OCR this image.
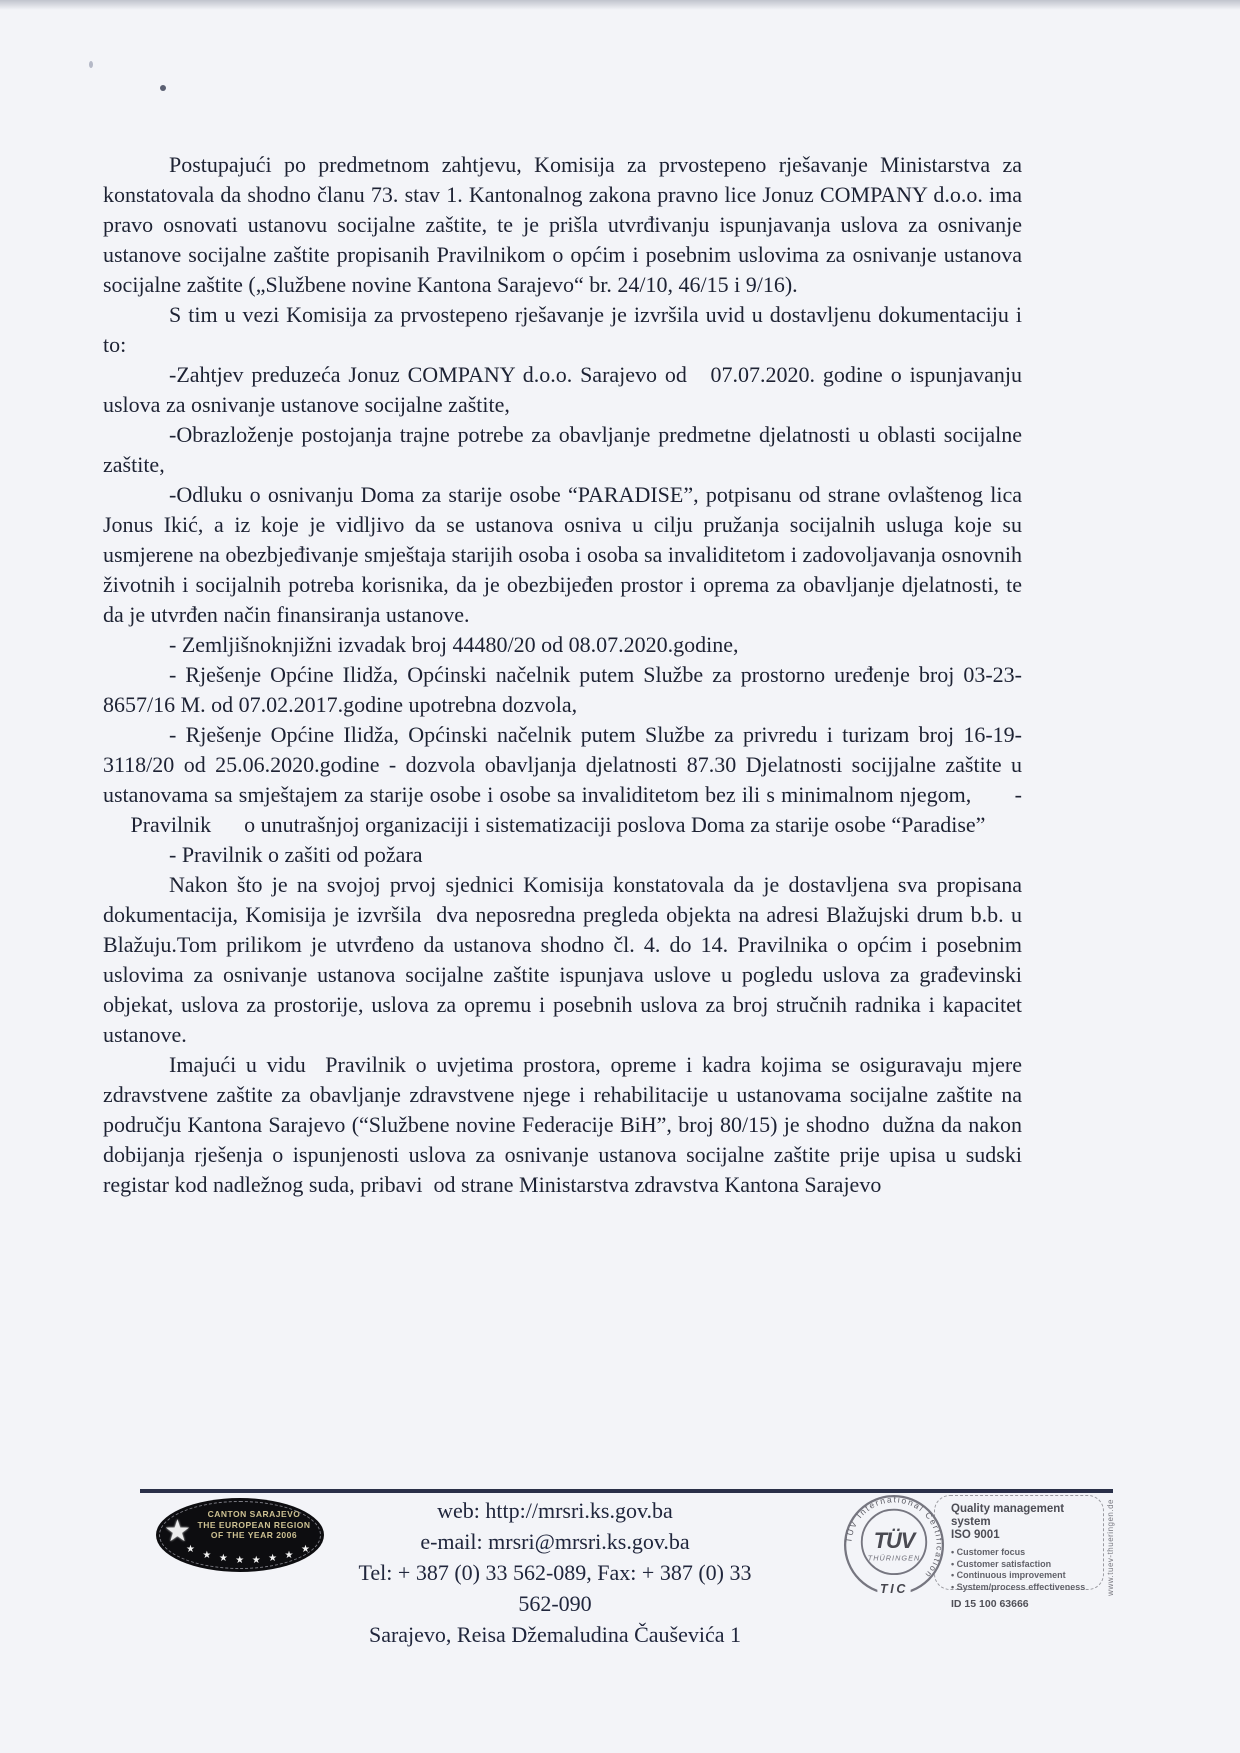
Postupajući po predmetnom zahtjevu, Komisija za prvostepeno rješavanje Ministarstva za konstatovala da shodno članu 73. stav 1. Kantonalnog zakona pravno lice Jonuz COMPANY d.o.o. ima pravo osnovati ustanovu socijalne zaštite, te je prišla utvrđivanju ispunjavanja uslova za osnivanje ustanove socijalne zaštite propisanih Pravilnikom o općim i posebnim uslovima za osnivanje ustanova socijalne zaštite („Službene novine Kantona Sarajevo“ br. 24/10, 46/15 i 9/16).

S tim u vezi Komisija za prvostepeno rješavanje je izvršila uvid u dostavljenu dokumentaciju i to:

-Zahtjev preduzeća Jonuz COMPANY d.o.o. Sarajevo od   07.07.2020. godine o ispunjavanju uslova za osnivanje ustanove socijalne zaštite,

-Obrazloženje postojanja trajne potrebe za obavljanje predmetne djelatnosti u oblasti socijalne zaštite,

-Odluku o osnivanju Doma za starije osobe “PARADISE”, potpisanu od strane ovlaštenog lica Jonus Ikić, a iz koje je vidljivo da se ustanova osniva u cilju pružanja socijalnih usluga koje su usmjerene na obezbjeđivanje smještaja starijih osoba i osoba sa invaliditetom i zadovoljavanja osnovnih životnih i socijalnih potreba korisnika, da je obezbijeđen prostor i oprema za obavljanje djelatnosti, te da je utvrđen način finansiranja ustanove.

- Zemljišnoknjižni izvadak broj 44480/20 od 08.07.2020.godine,

- Rješenje Općine Ilidža, Općinski načelnik putem Službe za prostorno uređenje broj 03-23-8657/16 M. od 07.02.2017.godine upotrebna dozvola,

- Rješenje Općine Ilidža, Općinski načelnik putem Službe za privredu i turizam broj 16-19-3118/20 od 25.06.2020.godine - dozvola obavljanja djelatnosti 87.30 Djelatnosti socijjalne zaštite u ustanovama sa smještajem za starije osobe i osobe sa invaliditetom bez ili s minimalnom njegom,       -      Pravilnik      o unutrašnjoj organizaciji i sistematizaciji poslova Doma za starije osobe “Paradise”

- Pravilnik o zašiti od požara

Nakon što je na svojoj prvoj sjednici Komisija konstatovala da je dostavljena sva propisana dokumentacija, Komisija je izvršila  dva neposredna pregleda objekta na adresi Blažujski drum b.b. u Blažuju.Tom prilikom je utvrđeno da ustanova shodno čl. 4. do 14. Pravilnika o općim i posebnim uslovima za osnivanje ustanova socijalne zaštite ispunjava uslove u pogledu uslova za građevinski objekat, uslova za prostorije, uslova za opremu i posebnih uslova za broj stručnih radnika i kapacitet ustanove.

Imajući u vidu  Pravilnik o uvjetima prostora, opreme i kadra kojima se osiguravaju mjere zdravstvene zaštite za obavljanje zdravstvene njege i rehabilitacije u ustanovama socijalne zaštite na području Kantona Sarajevo (“Službene novine Federacije BiH”, broj 80/15) je shodno  dužna da nakon dobijanja rješenja o ispunjenosti uslova za osnivanje ustanova socijalne zaštite prije upisa u sudski registar kod nadležnog suda, pribavi  od strane Ministarstva zdravstva Kantona Sarajevo

★	CANTON SARAJEVO
THE EUROPEAN REGION
OF THE YEAR 2006
★
★ ★ ★ ★ ★ ★
★
web: http://mrsri.ks.gov.ba
e-mail: mrsri@mrsri.ks.gov.ba
Tel: + 387 (0) 33 562-089, Fax: + 387 (0) 33
562-090
Sarajevo, Reisa Džemaludina Čauševića 1
Quality management system
ISO 9001
• Customer focus
• Customer satisfaction
• Continuous improvement
• System/process effectiveness
ID 15 100 63666
TÜV International Certification
TÜV
THÜRINGEN
TIC	www.tuev-thueringen.de
